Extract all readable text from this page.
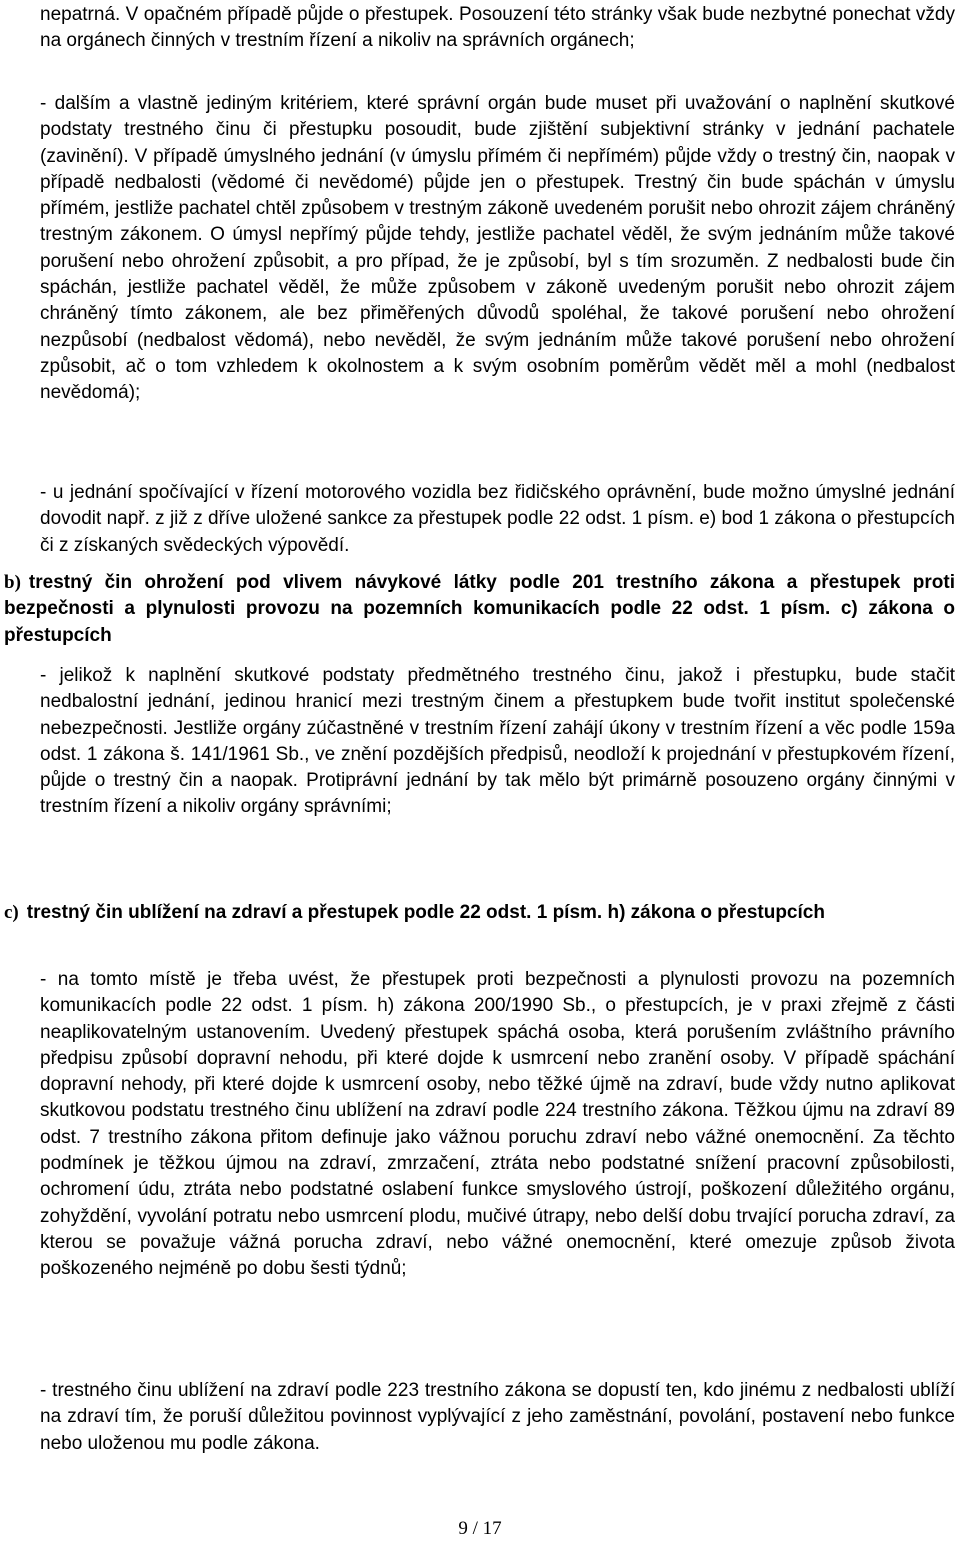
nepatrná. V opačném případě půjde o přestupek. Posouzení této stránky však bude nezbytné ponechat vždy na orgánech činných v trestním řízení a nikoliv na správních orgánech;

- dalším a vlastně jediným kritériem, které správní orgán bude muset při uvažování o naplnění skutkové podstaty trestného činu či přestupku posoudit, bude zjištění subjektivní stránky v jednání pachatele (zavinění). V případě úmyslného jednání (v úmyslu přímém či nepřímém) půjde vždy o trestný čin, naopak v případě nedbalosti (vědomé či nevědomé) půjde jen o přestupek. Trestný čin bude spáchán v úmyslu přímém, jestliže pachatel chtěl způsobem v trestným zákoně uvedeném porušit nebo ohrozit zájem chráněný trestným zákonem. O úmysl nepřímý půjde tehdy, jestliže pachatel věděl, že svým jednáním může takové porušení nebo ohrožení způsobit, a pro případ, že je způsobí, byl s tím srozuměn. Z nedbalosti bude čin spáchán, jestliže pachatel věděl, že může způsobem v zákoně uvedeným porušit nebo ohrozit zájem chráněný tímto zákonem, ale bez přiměřených důvodů spoléhal, že takové porušení nebo ohrožení nezpůsobí (nedbalost vědomá), nebo nevěděl, že svým jednáním může takové porušení nebo ohrožení způsobit, ač o tom vzhledem k okolnostem a k svým osobním poměrům vědět měl a mohl (nedbalost nevědomá);

- u jednání spočívající v řízení motorového vozidla bez řidičského oprávnění, bude možno úmyslné jednání dovodit např. z již z dříve uložené sankce za přestupek podle 22 odst. 1 písm. e) bod 1 zákona o přestupcích či z získaných svědeckých výpovědí.

b) trestný čin ohrožení pod vlivem návykové látky podle 201 trestního zákona a přestupek proti bezpečnosti a plynulosti provozu na pozemních komunikacích podle 22 odst. 1 písm. c) zákona o přestupcích

- jelikož k naplnění skutkové podstaty předmětného trestného činu, jakož i přestupku, bude stačit nedbalostní jednání, jedinou hranicí mezi trestným činem a přestupkem bude tvořit institut společenské nebezpečnosti. Jestliže orgány zúčastněné v trestním řízení zahájí úkony v trestním řízení a věc podle 159a odst. 1 zákona š. 141/1961 Sb., ve znění pozdějších předpisů, neodloží k projednání v přestupkovém řízení, půjde o trestný čin a naopak. Protiprávní jednání by tak mělo být primárně posouzeno orgány činnými v trestním řízení a nikoliv orgány správními;

c) trestný čin ublížení na zdraví a přestupek podle 22 odst. 1 písm. h) zákona o přestupcích

- na tomto místě je třeba uvést, že přestupek proti bezpečnosti a plynulosti provozu na pozemních komunikacích podle 22 odst. 1 písm. h) zákona 200/1990 Sb., o přestupcích, je v praxi zřejmě z části neaplikovatelným ustanovením. Uvedený přestupek spáchá osoba, která porušením zvláštního právního předpisu způsobí dopravní nehodu, při které dojde k usmrcení nebo zranění osoby. V případě spáchání dopravní nehody, při které dojde k usmrcení osoby, nebo těžké újmě na zdraví, bude vždy nutno aplikovat skutkovou podstatu trestného činu ublížení na zdraví podle 224 trestního zákona. Těžkou újmu na zdraví 89 odst. 7 trestního zákona přitom definuje jako vážnou poruchu zdraví nebo vážné onemocnění. Za těchto podmínek je těžkou újmou na zdraví, zmrzačení, ztráta nebo podstatné snížení pracovní způsobilosti, ochromení údu, ztráta nebo podstatné oslabení funkce smyslového ústrojí, poškození důležitého orgánu, zohyždění, vyvolání potratu nebo usmrcení plodu, mučivé útrapy, nebo delší dobu trvající porucha zdraví, za kterou se považuje vážná porucha zdraví, nebo vážné onemocnění, které omezuje způsob života poškozeného nejméně po dobu šesti týdnů;

- trestného činu ublížení na zdraví podle 223 trestního zákona se dopustí ten, kdo jinému z nedbalosti ublíží na zdraví tím, že poruší důležitou povinnost vyplývající z jeho zaměstnání, povolání, postavení nebo funkce nebo uloženou mu podle zákona.

9 / 17
